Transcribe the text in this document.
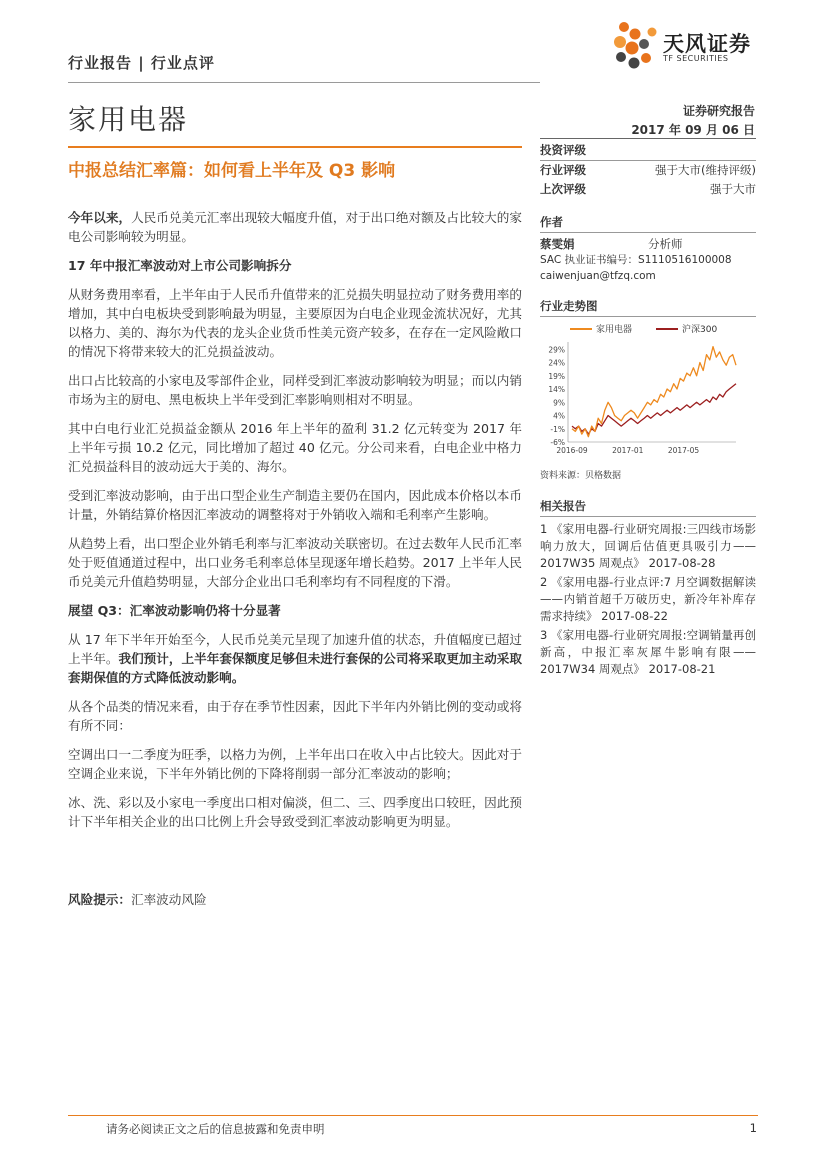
天风证券
TF SECURITIES
行业报告 | 行业点评
家用电器	证券研究报告
2017 年 09 月 06 日
中报总结汇率篇：如何看上半年及 Q3 影响

今年以来，人民币兑美元汇率出现较大幅度升值，对于出口绝对额及占比较大的家电公司影响较为明显。

17 年中报汇率波动对上市公司影响拆分

从财务费用率看，上半年由于人民币升值带来的汇兑损失明显拉动了财务费用率的增加，其中白电板块受到影响最为明显，主要原因为白电企业现金流状况好，尤其以格力、美的、海尔为代表的龙头企业货币性美元资产较多，在存在一定风险敞口的情况下将带来较大的汇兑损益波动。

出口占比较高的小家电及零部件企业，同样受到汇率波动影响较为明显；而以内销市场为主的厨电、黑电板块上半年受到汇率影响则相对不明显。

其中白电行业汇兑损益金额从 2016 年上半年的盈利 31.2 亿元转变为 2017 年上半年亏损 10.2 亿元，同比增加了超过 40 亿元。分公司来看，白电企业中格力汇兑损益科目的波动远大于美的、海尔。

受到汇率波动影响，由于出口型企业生产制造主要仍在国内，因此成本价格以本币计量，外销结算价格因汇率波动的调整将对于外销收入端和毛利率产生影响。

从趋势上看，出口型企业外销毛利率与汇率波动关联密切。在过去数年人民币汇率处于贬值通道过程中，出口业务毛利率总体呈现逐年增长趋势。2017 上半年人民币兑美元升值趋势明显，大部分企业出口毛利率均有不同程度的下滑。

展望 Q3：汇率波动影响仍将十分显著

从 17 年下半年开始至今，人民币兑美元呈现了加速升值的状态，升值幅度已超过上半年。我们预计，上半年套保额度足够但未进行套保的公司将采取更加主动采取套期保值的方式降低波动影响。

从各个品类的情况来看，由于存在季节性因素，因此下半年内外销比例的变动或将有所不同：

空调出口一二季度为旺季，以格力为例，上半年出口在收入中占比较大。因此对于空调企业来说，下半年外销比例的下降将削弱一部分汇率波动的影响；

冰、洗、彩以及小家电一季度出口相对偏淡，但二、三、四季度出口较旺，因此预计下半年相关企业的出口比例上升会导致受到汇率波动影响更为明显。

风险提示：汇率波动风险
投资评级
行业评级	强于大市(维持评级)
上次评级	强于大市
作者
蔡雯娟	分析师
SAC 执业证书编号：S1110516100008
caiwenjuan@tfzq.com
行业走势图
家用电器	沪深300
29%
24%
19%
14%
9%
4%
-1%
-6%
2016-09	2017-01	2017-05
资料来源：贝格数据
相关报告
1 《家用电器-行业研究周报:三四线市场影响力放大，回调后估值更具吸引力——2017W35 周观点》 2017-08-28
2 《家用电器-行业点评:7 月空调数据解读——内销首超千万破历史，新冷年补库存需求持续》 2017-08-22
3 《家用电器-行业研究周报:空调销量再创新高，中报汇率灰犀牛影响有限——2017W34 周观点》 2017-08-21
请务必阅读正文之后的信息披露和免责申明	1
